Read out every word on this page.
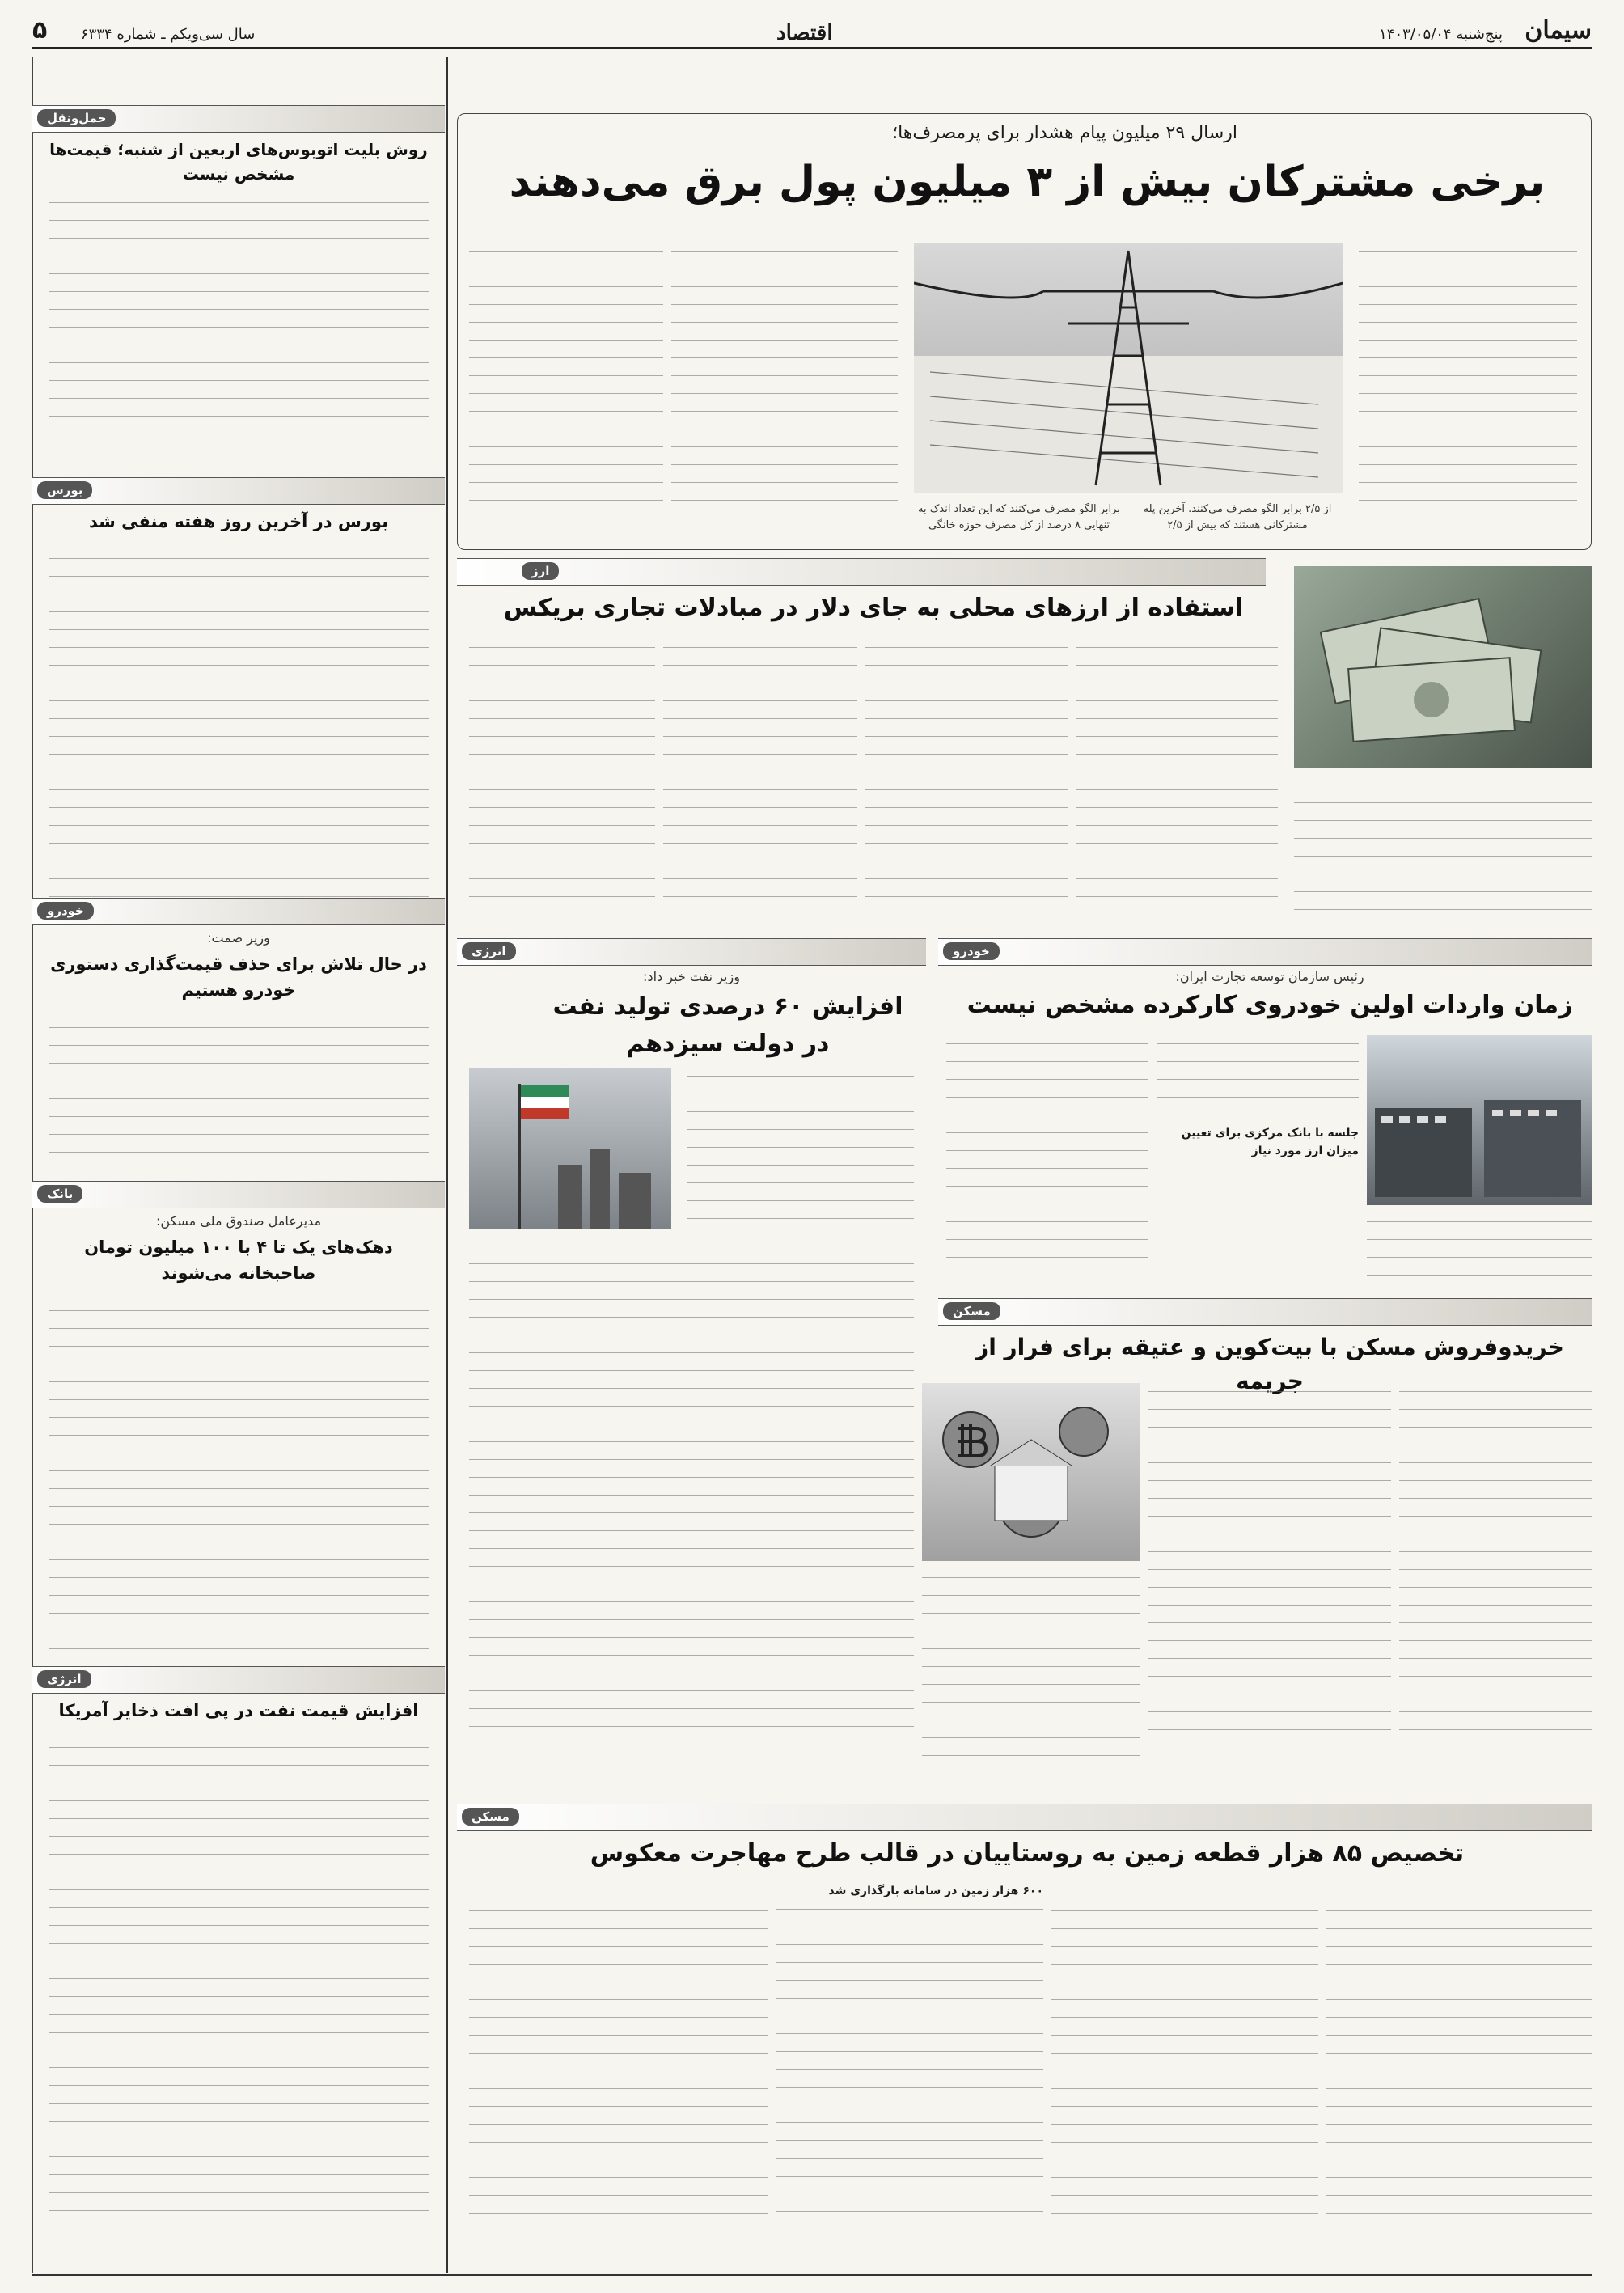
سیمان
پنج‌شنبه ۱۴۰۳/۰۵/۰۴
اقتصاد
سال سی‌ویکم ـ شماره ۶۳۳۴
۵
حمل‌ونقل
روش بلیت اتوبوس‌های اربعین از شنبه؛ قیمت‌ها مشخص نیست
بورس
بورس در آخرین روز هفته منفی شد
خودرو
وزیر صمت:
در حال تلاش برای حذف قیمت‌گذاری دستوری خودرو هستیم
بانک
مدیرعامل صندوق ملی مسکن:
دهک‌های یک تا ۴ با ۱۰۰ میلیون تومان صاحبخانه می‌شوند
انرژی
افزایش قیمت نفت در پی افت ذخایر آمریکا
ارسال ۲۹ میلیون پیام هشدار برای پرمصرف‌ها؛
برخی مشترکان بیش از ۳ میلیون پول برق می‌دهند
از ۲/۵ برابر الگو مصرف می‌کنند. آخرین پله مشترکانی هستند که بیش از ۲/۵
برابر الگو مصرف می‌کنند که این تعداد اندک به تنهایی ۸ درصد از کل مصرف حوزه خانگی
ارز
استفاده از ارزهای محلی به جای دلار در مبادلات تجاری بریکس
خودرو
رئیس سازمان توسعه تجارت ایران:
زمان واردات اولین خودروی کارکرده مشخص نیست
جلسه با بانک مرکزی برای تعیین میزان ارز مورد نیاز
انرژی
وزیر نفت خبر داد:
افزایش ۶۰ درصدی تولید نفت در دولت سیزدهم
مسکن
خریدوفروش مسکن با بیت‌کوین و عتیقه برای فرار از جریمه
مسکن
تخصیص ۸۵ هزار قطعه زمین به روستاییان در قالب طرح مهاجرت معکوس
۶۰۰ هزار زمین در سامانه بارگذاری شد
